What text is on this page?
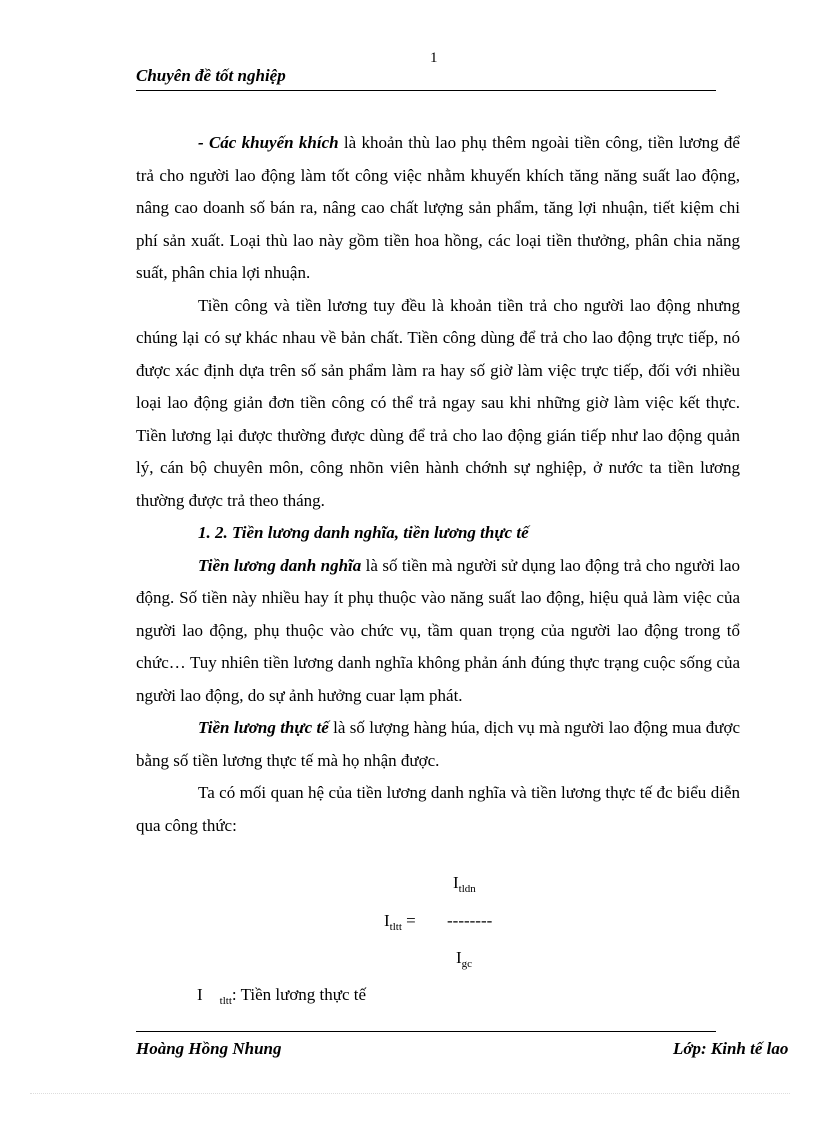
1
Chuyên đề tốt nghiệp

- Các khuyến khích là khoản thù lao phụ thêm ngoài tiền công, tiền lương để trả cho người lao động làm tốt công việc nhằm khuyến khích tăng năng suất lao động, nâng cao doanh số bán ra, nâng cao chất lượng sản phẩm, tăng lợi nhuận, tiết kiệm chi phí sản xuất. Loại thù lao này gồm tiền hoa hồng, các loại tiền thưởng, phân chia năng suất, phân chia lợi nhuận.

Tiền công và tiền lương tuy đều là khoản tiền trả cho người lao động nhưng chúng lại có sự khác nhau về bản chất. Tiền công dùng để trả cho lao động trực tiếp, nó được xác định dựa trên số sản phẩm làm ra hay số giờ làm việc trực tiếp, đối với nhiều loại lao động giản đơn tiền công có thể trả ngay sau khi những giờ làm việc kết thực. Tiền lương lại được thường được dùng để trả cho lao động gián tiếp như lao động quản lý, cán bộ chuyên môn, công nhõn viên hành chớnh sự nghiệp, ở nước ta tiền lương thường được trả theo tháng.

1. 2. Tiền lương danh nghĩa, tiền lương thực tế

Tiền lương danh nghĩa là số tiền mà người sử dụng lao động trả cho người lao động. Số tiền này nhiều hay ít phụ thuộc vào năng suất lao động, hiệu quả làm việc của người lao động, phụ thuộc vào chức vụ, tầm quan trọng của người lao động trong tổ chức… Tuy nhiên tiền lương danh nghĩa không phản ánh đúng thực trạng cuộc sống của người lao động, do sự ảnh hưởng cuar lạm phát.

Tiền lương thực tế là số lượng hàng húa, dịch vụ mà người lao động mua được bằng số tiền lương thực tế mà họ nhận được.

Ta có mối quan hệ của tiền lương danh nghĩa và tiền lương thực tế đc biểu diễn qua công thức:

$I_{tldn}$
$I_{tltt}$ = --------
$I_{gc}$
I $_{tltt}$: Tiền lương thực tế
Hoàng Hồng Nhung	Lớp: Kinh tế lao
